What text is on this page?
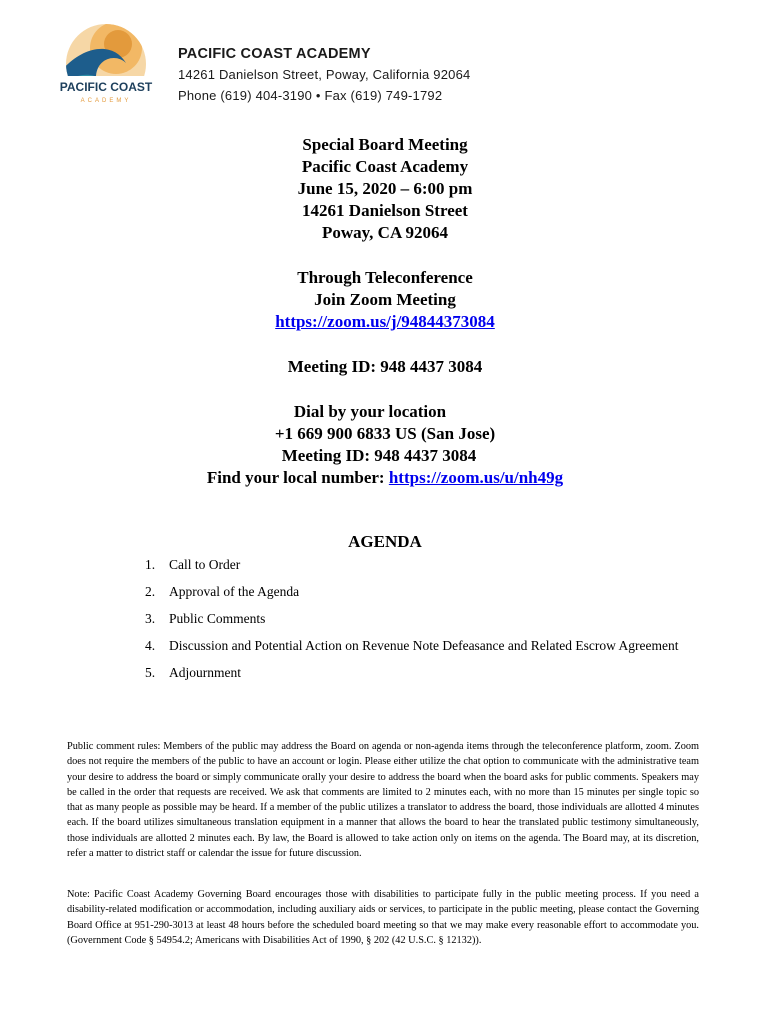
PACIFIC COAST
ACADEMY
PACIFIC COAST ACADEMY
14261 Danielson Street, Poway, California 92064
Phone (619) 404-3190 • Fax (619) 749-1792
Special Board Meeting
Pacific Coast Academy
June 15, 2020 – 6:00 pm
14261 Danielson Street
Poway, CA 92064
Through Teleconference
Join Zoom Meeting
https://zoom.us/j/94844373084
Meeting ID: 948 4437 3084
Dial by your location
+1 669 900 6833 US (San Jose)
Meeting ID: 948 4437 3084
Find your local number: https://zoom.us/u/nh49g
AGENDA
1.	Call to Order
2.	Approval of the Agenda
3.	Public Comments
4.	Discussion and Potential Action on Revenue Note Defeasance and Related Escrow Agreement
5.	Adjournment
Public comment rules: Members of the public may address the Board on agenda or non-agenda items through the teleconference platform, zoom. Zoom does not require the members of the public to have an account or login. Please either utilize the chat option to communicate with the administrative team your desire to address the board or simply communicate orally your desire to address the board when the board asks for public comments. Speakers may be called in the order that requests are received. We ask that comments are limited to 2 minutes each, with no more than 15 minutes per single topic so that as many people as possible may be heard. If a member of the public utilizes a translator to address the board, those individuals are allotted 4 minutes each. If the board utilizes simultaneous translation equipment in a manner that allows the board to hear the translated public testimony simultaneously, those individuals are allotted 2 minutes each. By law, the Board is allowed to take action only on items on the agenda. The Board may, at its discretion, refer a matter to district staff or calendar the issue for future discussion.
Note: Pacific Coast Academy Governing Board encourages those with disabilities to participate fully in the public meeting process. If you need a disability-related modification or accommodation, including auxiliary aids or services, to participate in the public meeting, please contact the Governing Board Office at 951-290-3013 at least 48 hours before the scheduled board meeting so that we may make every reasonable effort to accommodate you. (Government Code § 54954.2; Americans with Disabilities Act of 1990, § 202 (42 U.S.C. § 12132)).
